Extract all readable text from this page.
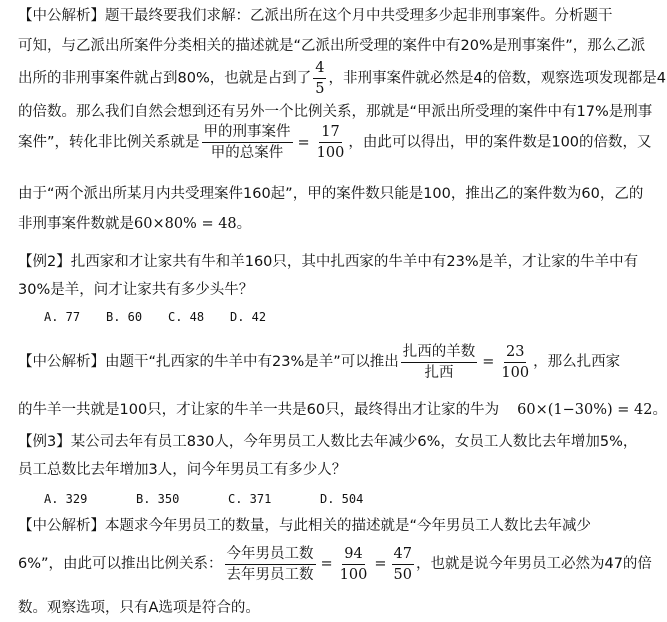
【中公解析】题干最终要我们求解：乙派出所在这个月中共受理多少起非刑事案件。分析题干
可知，与乙派出所案件分类相关的描述就是“乙派出所受理的案件中有20%是刑事案件”，那么乙派
出所的非刑事案件就占到80%，也就是占到了 $\frac{4}{5}$ ，非刑事案件就必然是4的倍数，观察选项发现都是4
的倍数。那么我们自然会想到还有另外一个比例关系，那就是“甲派出所受理的案件中有17%是刑事
案件”，转化非比例关系就是 $\frac{\text{甲的刑事案件}}{\text{甲的总案件}} = \frac{17}{100}$ ，由此可以得出，甲的案件数是100的倍数，又
由于“两个派出所某月内共受理案件160起”，甲的案件数只能是100，推出乙的案件数为60，乙的
非刑事案件数就是60×80% = 48。
【例2】扎西家和才让家共有牛和羊160只，其中扎西家的牛羊中有23%是羊，才让家的牛羊中有
30%是羊，问才让家共有多少头牛？
A. 77 B. 60 C. 48 D. 42
【中公解析】由题干“扎西家的牛羊中有23%是羊”可以推出 $\frac{\text{扎西的羊数}}{\text{扎西}} = \frac{23}{100}$ ，那么扎西家
的牛羊一共就是100只，才让家的牛羊一共是60只，最终得出才让家的牛为 60×(1−30%) = 42。
【例3】某公司去年有员工830人，今年男员工人数比去年减少6%，女员工人数比去年增加5%，
员工总数比去年增加3人，问今年男员工有多少人？
A. 329	B. 350	C. 371	D. 504
【中公解析】本题求今年男员工的数量，与此相关的描述就是“今年男员工人数比去年减少
6%”，由此可以推出比例关系： $\frac{\text{今年男员工数}}{\text{去年男员工数}} = \frac{94}{100} = \frac{47}{50}$ ，也就是说今年男员工必然为47的倍
数。观察选项，只有A选项是符合的。
